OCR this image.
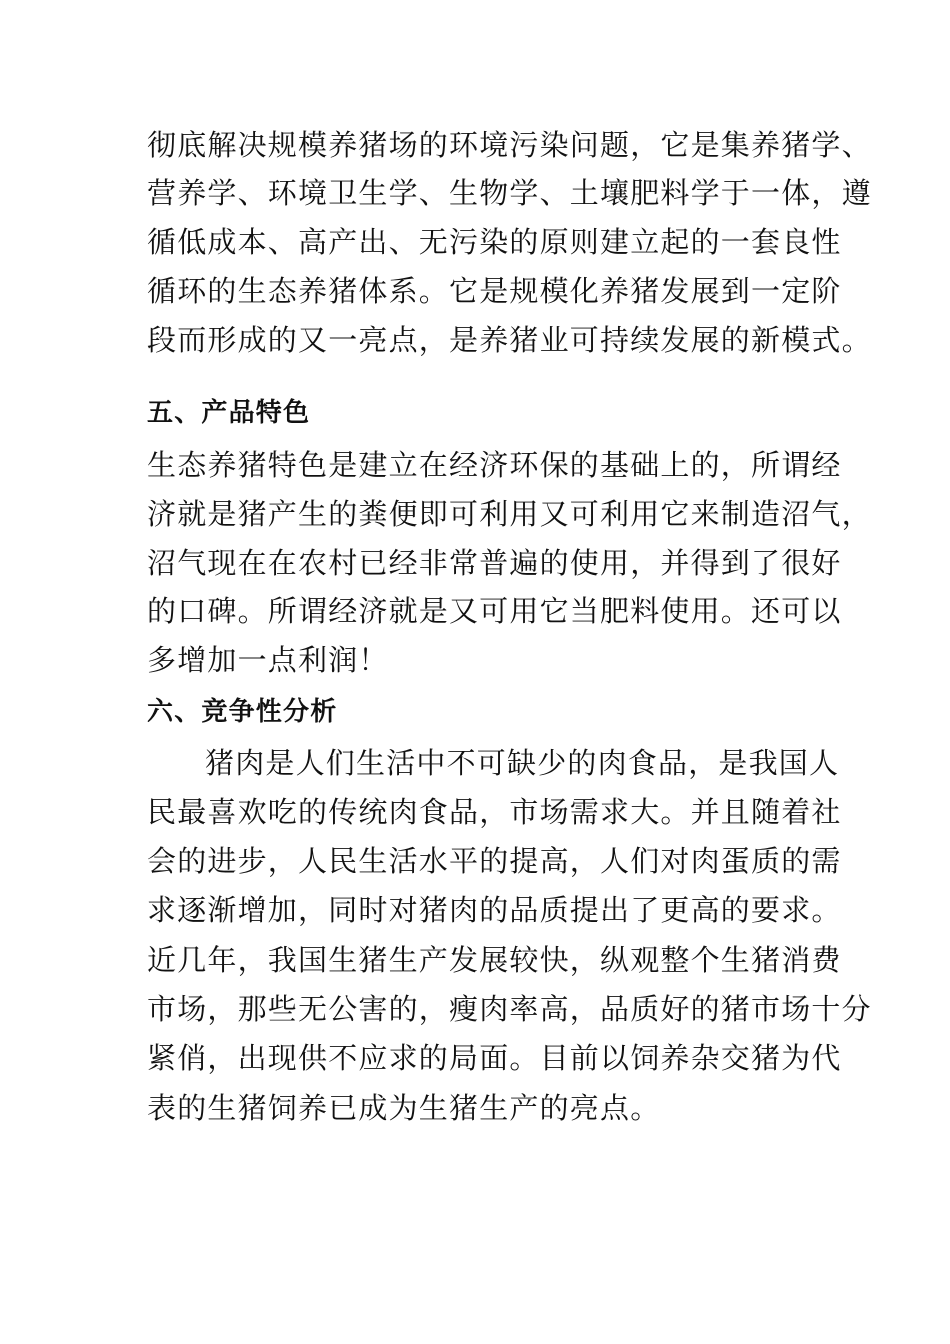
彻底解决规模养猪场的环境污染问题，它是集养猪学、
营养学、环境卫生学、生物学、土壤肥料学于一体，遵
循低成本、高产出、无污染的原则建立起的一套良性
循环的生态养猪体系。它是规模化养猪发展到一定阶
段而形成的又一亮点，是养猪业可持续发展的新模式。
五、产品特色
生态养猪特色是建立在经济环保的基础上的，所谓经
济就是猪产生的粪便即可利用又可利用它来制造沼气，
沼气现在在农村已经非常普遍的使用，并得到了很好
的口碑。所谓经济就是又可用它当肥料使用。还可以
多增加一点利润！
六、竞争性分析
猪肉是人们生活中不可缺少的肉食品，是我国人
民最喜欢吃的传统肉食品，市场需求大。并且随着社
会的进步，人民生活水平的提高，人们对肉蛋质的需
求逐渐增加，同时对猪肉的品质提出了更高的要求。
近几年，我国生猪生产发展较快，纵观整个生猪消费
市场，那些无公害的，瘦肉率高，品质好的猪市场十分
紧俏，出现供不应求的局面。目前以饲养杂交猪为代
表的生猪饲养已成为生猪生产的亮点。
